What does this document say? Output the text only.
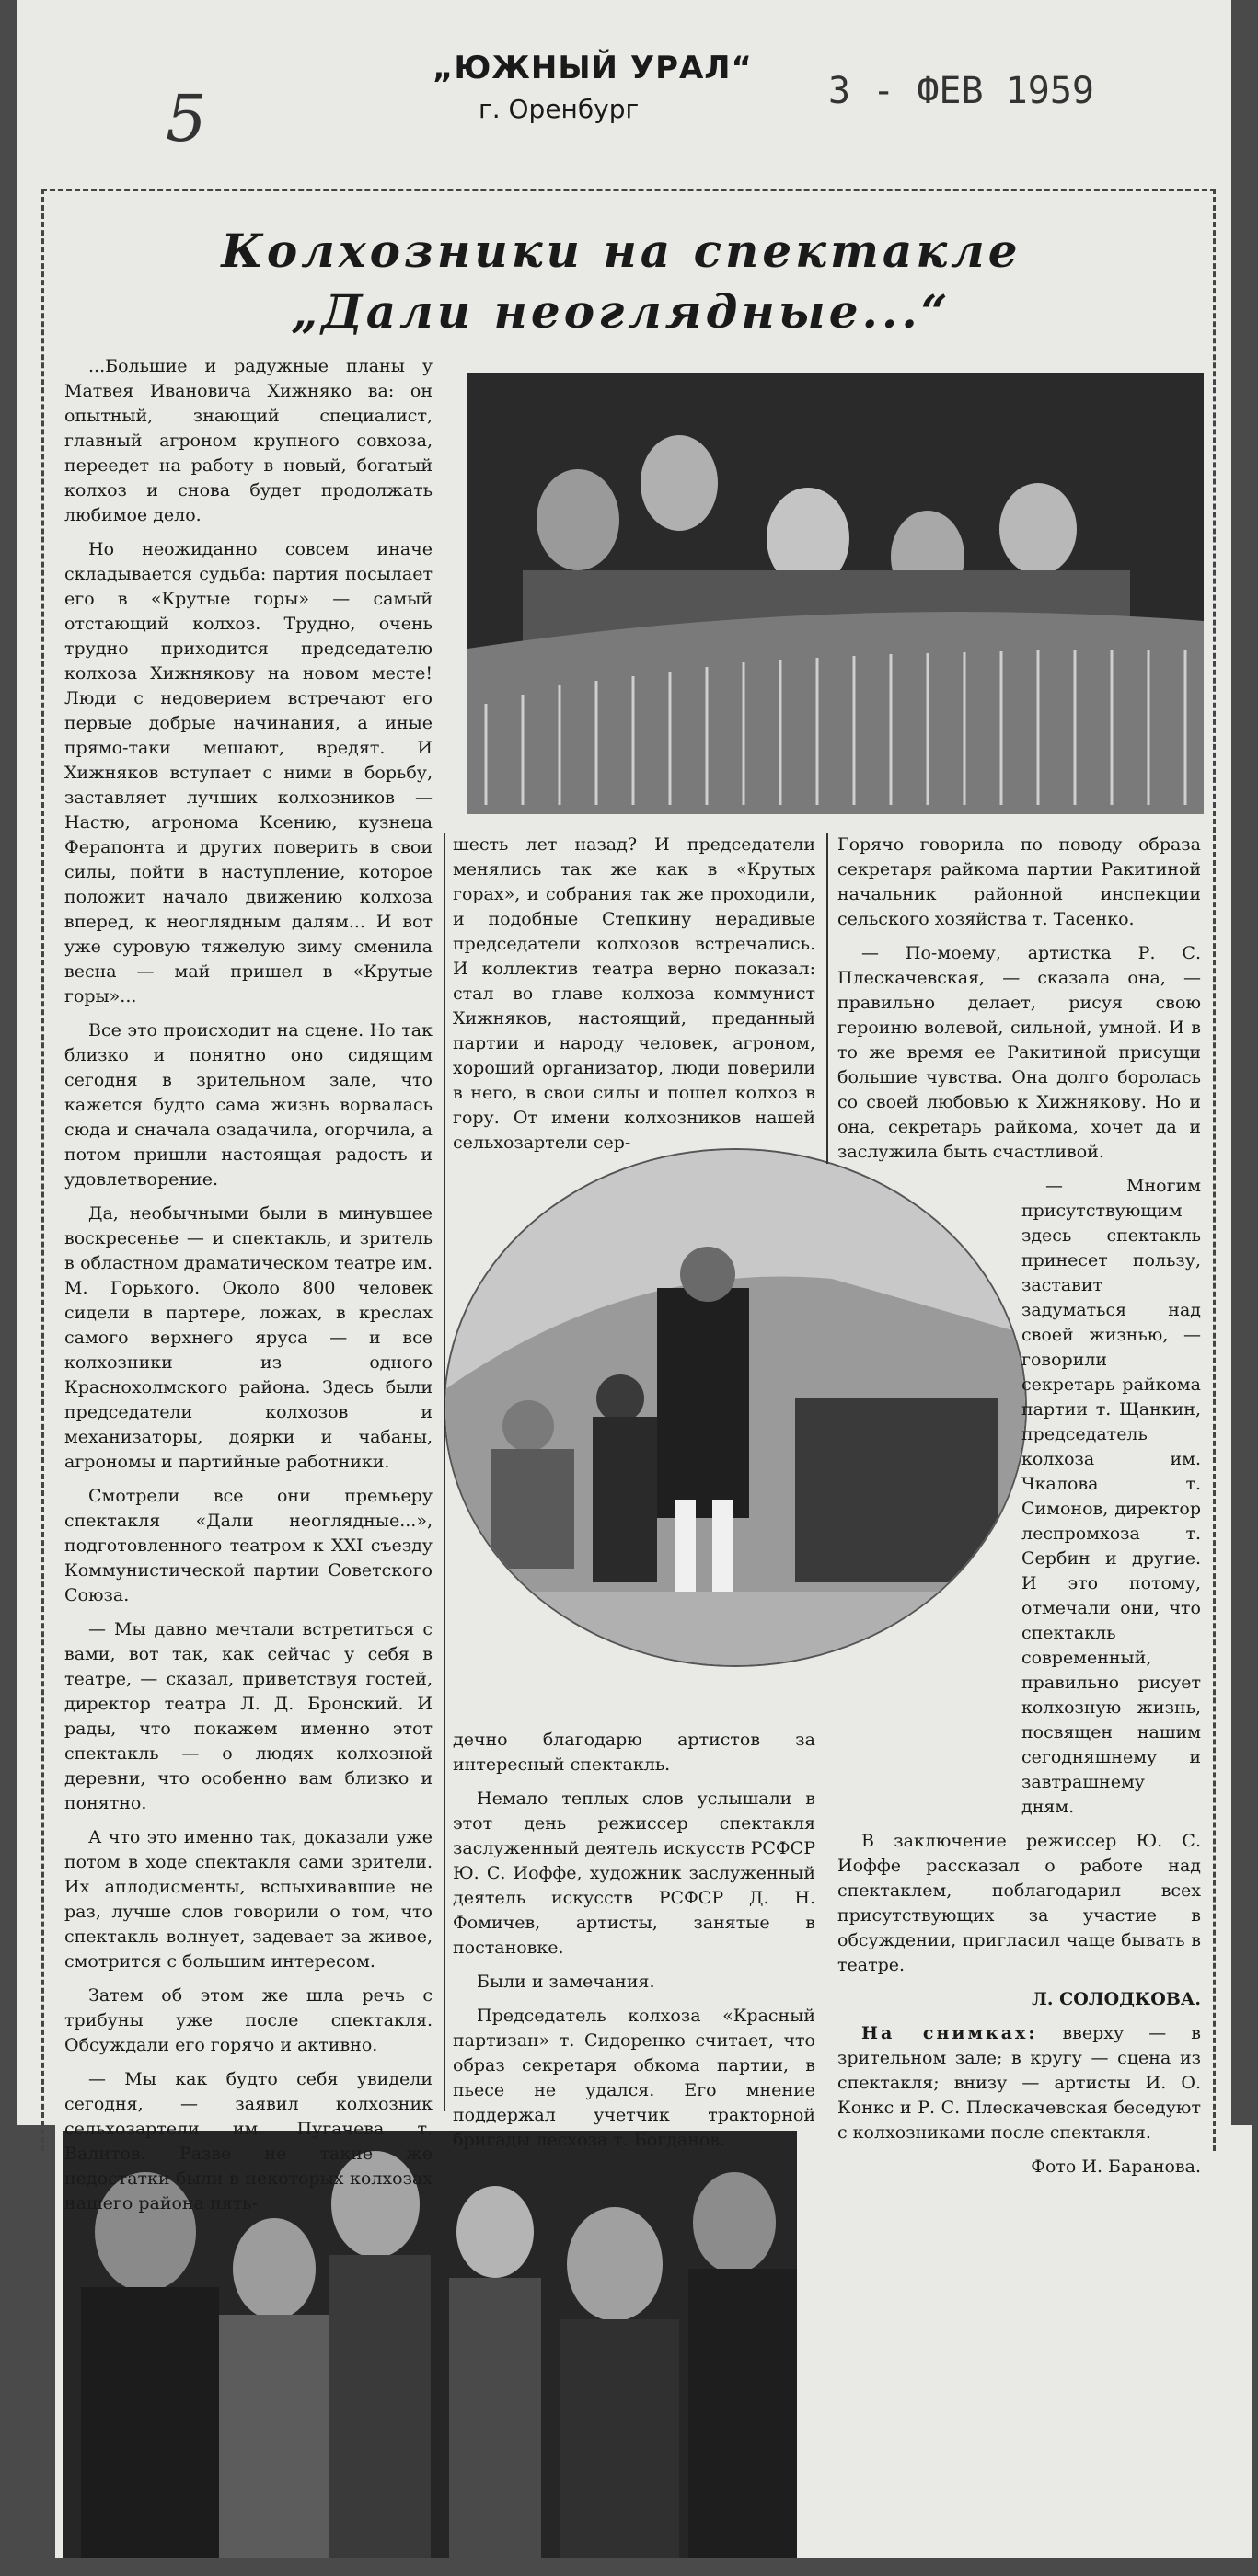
5
„ЮЖНЫЙ УРАЛ“
г. Оренбург	3 - ФЕВ 1959
Колхозники на спектакле
„Дали неоглядные...“

...Большие и радужные планы у Матвея Ивановича Хижняко ва: он опытный, знающий специалист, главный агроном крупного совхоза, переедет на работу в новый, богатый колхоз и снова будет продолжать любимое дело.

Но неожиданно совсем иначе складывается судьба: партия посылает его в «Крутые горы» — самый отстающий колхоз. Трудно, очень трудно приходится председателю колхоза Хижнякову на новом месте! Люди с недоверием встречают его первые добрые начинания, а иные прямо-таки мешают, вредят. И Хижняков вступает с ними в борьбу, заставляет лучших колхозников — Настю, агронома Ксению, кузнеца Ферапонта и других поверить в свои силы, пойти в наступление, которое положит начало движению колхоза вперед, к неоглядным далям... И вот уже суровую тяжелую зиму сменила весна — май пришел в «Крутые горы»...

Все это происходит на сцене. Но так близко и понятно оно сидящим сегодня в зрительном зале, что кажется будто сама жизнь ворвалась сюда и сначала озадачила, огорчила, а потом пришли настоящая радость и удовлетворение.

Да, необычными были в минувшее воскресенье — и спектакль, и зритель в областном драматическом театре им. М. Горького. Около 800 человек сидели в партере, ложах, в креслах самого верхнего яруса — и все колхозники из одного Краснохолмского района. Здесь были председатели колхозов и механизаторы, доярки и чабаны, агрономы и партийные работники.

Смотрели все они премьеру спектакля «Дали неоглядные...», подготовленного театром к XXI съезду Коммунистической партии Советского Союза.

— Мы давно мечтали встретиться с вами, вот так, как сейчас у себя в театре, — сказал, приветствуя гостей, директор театра Л. Д. Бронский. И рады, что покажем именно этот спектакль — о людях колхозной деревни, что особенно вам близко и понятно.

А что это именно так, доказали уже потом в ходе спектакля сами зрители. Их аплодисменты, вспыхивавшие не раз, лучше слов говорили о том, что спектакль волнует, задевает за живое, смотрится с большим интересом.

Затем об этом же шла речь с трибуны уже после спектакля. Обсуждали его горячо и активно.

— Мы как будто себя увидели сегодня, — заявил колхозник сельхозартели им. Пугачева т. Валитов. Разве не такие же недостатки были в некоторых колхозах нашего района пять-

шесть лет назад? И председатели менялись так же как в «Крутых горах», и собрания так же проходили, и подобные Степкину нерадивые председатели колхозов встречались. И коллектив театра верно показал: стал во главе колхоза коммунист Хижняков, настоящий, преданный партии и народу человек, агроном, хороший организатор, люди поверили в него, в свои силы и пошел колхоз в гору. От имени колхозников нашей сельхозартели сер-

дечно благодарю артистов за интересный спектакль.

Немало теплых слов услышали в этот день режиссер спектакля заслуженный деятель искусств РСФСР Ю. С. Иоффе, художник заслуженный деятель искусств РСФСР Д. Н. Фомичев, артисты, занятые в постановке.

Были и замечания.

Председатель колхоза «Красный партизан» т. Сидоренко считает, что образ секретаря обкома партии, в пьесе не удался. Его мнение поддержал учетчик тракторной бригады лесхоза т. Богданов.

Горячо говорила по поводу образа секретаря райкома партии Ракитиной начальник районной инспекции сельского хозяйства т. Тасенко.

— По-моему, артистка Р. С. Плескачевская, — сказала она, — правильно делает, рисуя свою героиню волевой, сильной, умной. И в то же время ее Ракитиной присущи большие чувства. Она долго боролась со своей любовью к Хижнякову. Но и она, секретарь райкома, хочет да и заслужила быть счастливой.

— Многим присутствующим здесь спектакль принесет пользу, заставит задуматься над своей жизнью, — говорили секретарь райкома партии т. Щанкин, председатель колхоза им. Чкалова т. Симонов, директор леспромхоза т. Сербин и другие. И это потому, отмечали они, что спектакль современный, правильно рисует колхозную жизнь, посвящен нашим сегодняшнему и завтрашнему дням.

В заключение режиссер Ю. С. Иоффе рассказал о работе над спектаклем, поблагодарил всех присутствующих за участие в обсуждении, пригласил чаще бывать в театре.

Л. СОЛОДКОВА.

На снимках: вверху — в зрительном зале; в кругу — сцена из спектакля; внизу — артисты И. О. Конкс и Р. С. Плескачевская беседуют с колхозниками после спектакля.

Фото И. Баранова.
